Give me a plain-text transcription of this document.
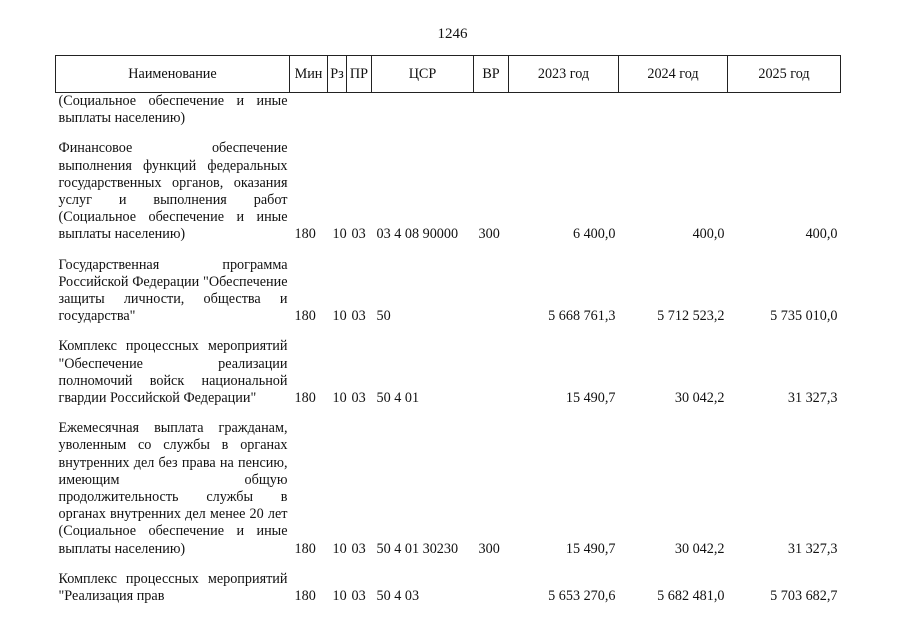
1246
Наименование	Мин	Рз	ПР	ЦСР	ВР	2023 год	2024 год	2025 год
(Социальное обеспечение и иные выплаты населению)								

Финансовое обеспечение выполнения функций федеральных государственных органов, оказания услуг и выполнения работ (Социальное обеспечение и иные выплаты населению)	180	10	03	03 4 08 90000	300	6 400,0	400,0	400,0

Государственная программа Российской Федерации "Обеспечение защиты личности, общества и государства"	180	10	03	50		5 668 761,3	5 712 523,2	5 735 010,0

Комплекс процессных мероприятий "Обеспечение реализации полномочий войск национальной гвардии Российской Федерации"	180	10	03	50 4 01		15 490,7	30 042,2	31 327,3

Ежемесячная выплата гражданам, уволенным со службы в органах внутренних дел без права на пенсию, имеющим общую продолжительность службы в органах внутренних дел менее 20 лет (Социальное обеспечение и иные выплаты населению)	180	10	03	50 4 01 30230	300	15 490,7	30 042,2	31 327,3

Комплекс процессных мероприятий "Реализация прав	180	10	03	50 4 03		5 653 270,6	5 682 481,0	5 703 682,7
